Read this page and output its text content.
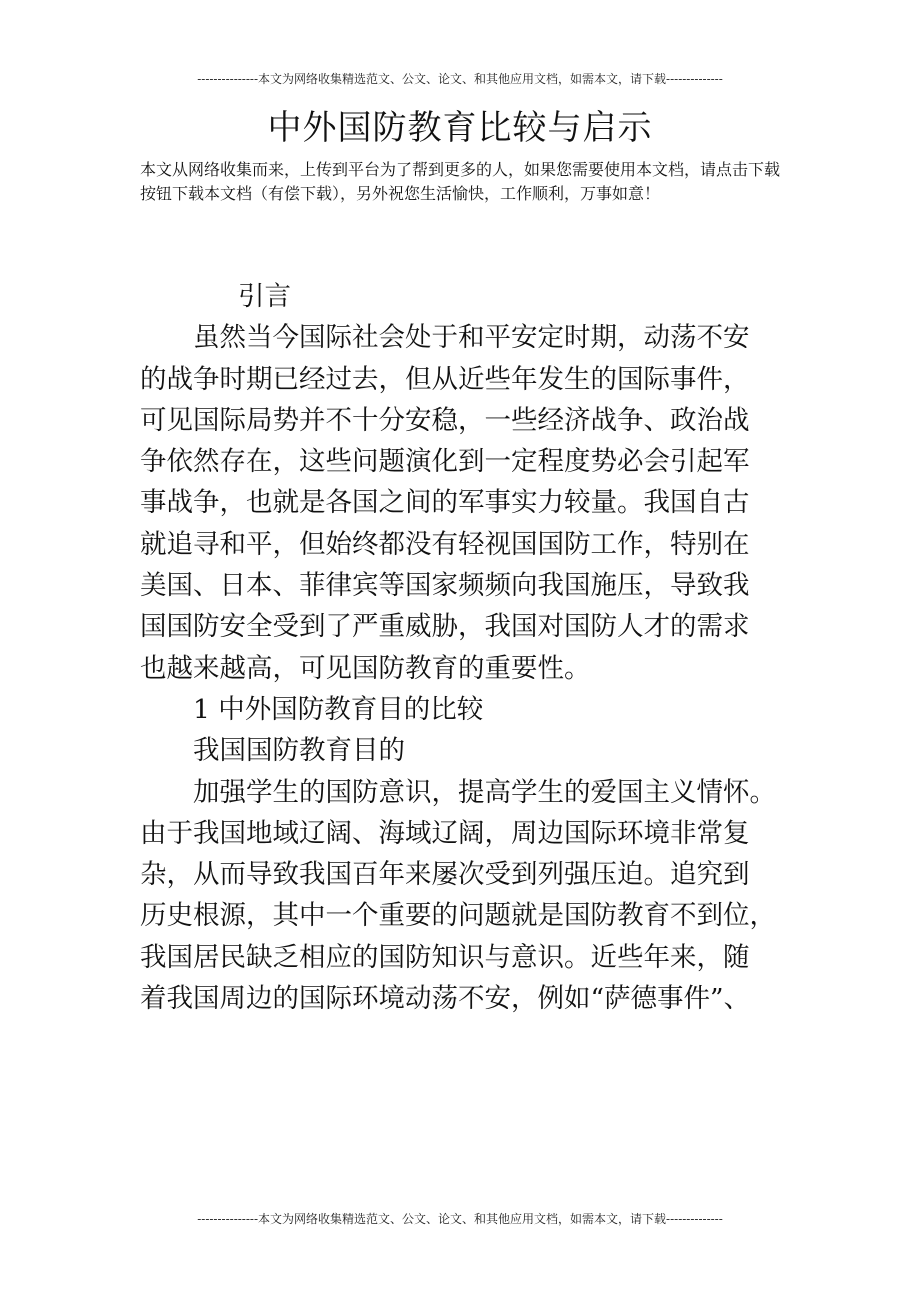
---------------本文为网络收集精选范文、公文、论文、和其他应用文档，如需本文，请下载--------------
中外国防教育比较与启示

本文从网络收集而来，上传到平台为了帮到更多的人，如果您需要使用本文档，请点击下载按钮下载本文档（有偿下载），另外祝您生活愉快，工作顺利，万事如意！

引言

虽然当今国际社会处于和平安定时期，动荡不安

的战争时期已经过去，但从近些年发生的国际事件，

可见国际局势并不十分安稳，一些经济战争、政治战

争依然存在，这些问题演化到一定程度势必会引起军

事战争，也就是各国之间的军事实力较量。我国自古

就追寻和平，但始终都没有轻视国国防工作，特别在

美国、日本、菲律宾等国家频频向我国施压，导致我

国国防安全受到了严重威胁，我国对国防人才的需求

也越来越高，可见国防教育的重要性。

1 中外国防教育目的比较

我国国防教育目的

加强学生的国防意识，提高学生的爱国主义情怀。

由于我国地域辽阔、海域辽阔，周边国际环境非常复

杂，从而导致我国百年来屡次受到列强压迫。追究到

历史根源，其中一个重要的问题就是国防教育不到位，

我国居民缺乏相应的国防知识与意识。近些年来，随

着我国周边的国际环境动荡不安，例如“萨德事件”、

---------------本文为网络收集精选范文、公文、论文、和其他应用文档，如需本文，请下载--------------
